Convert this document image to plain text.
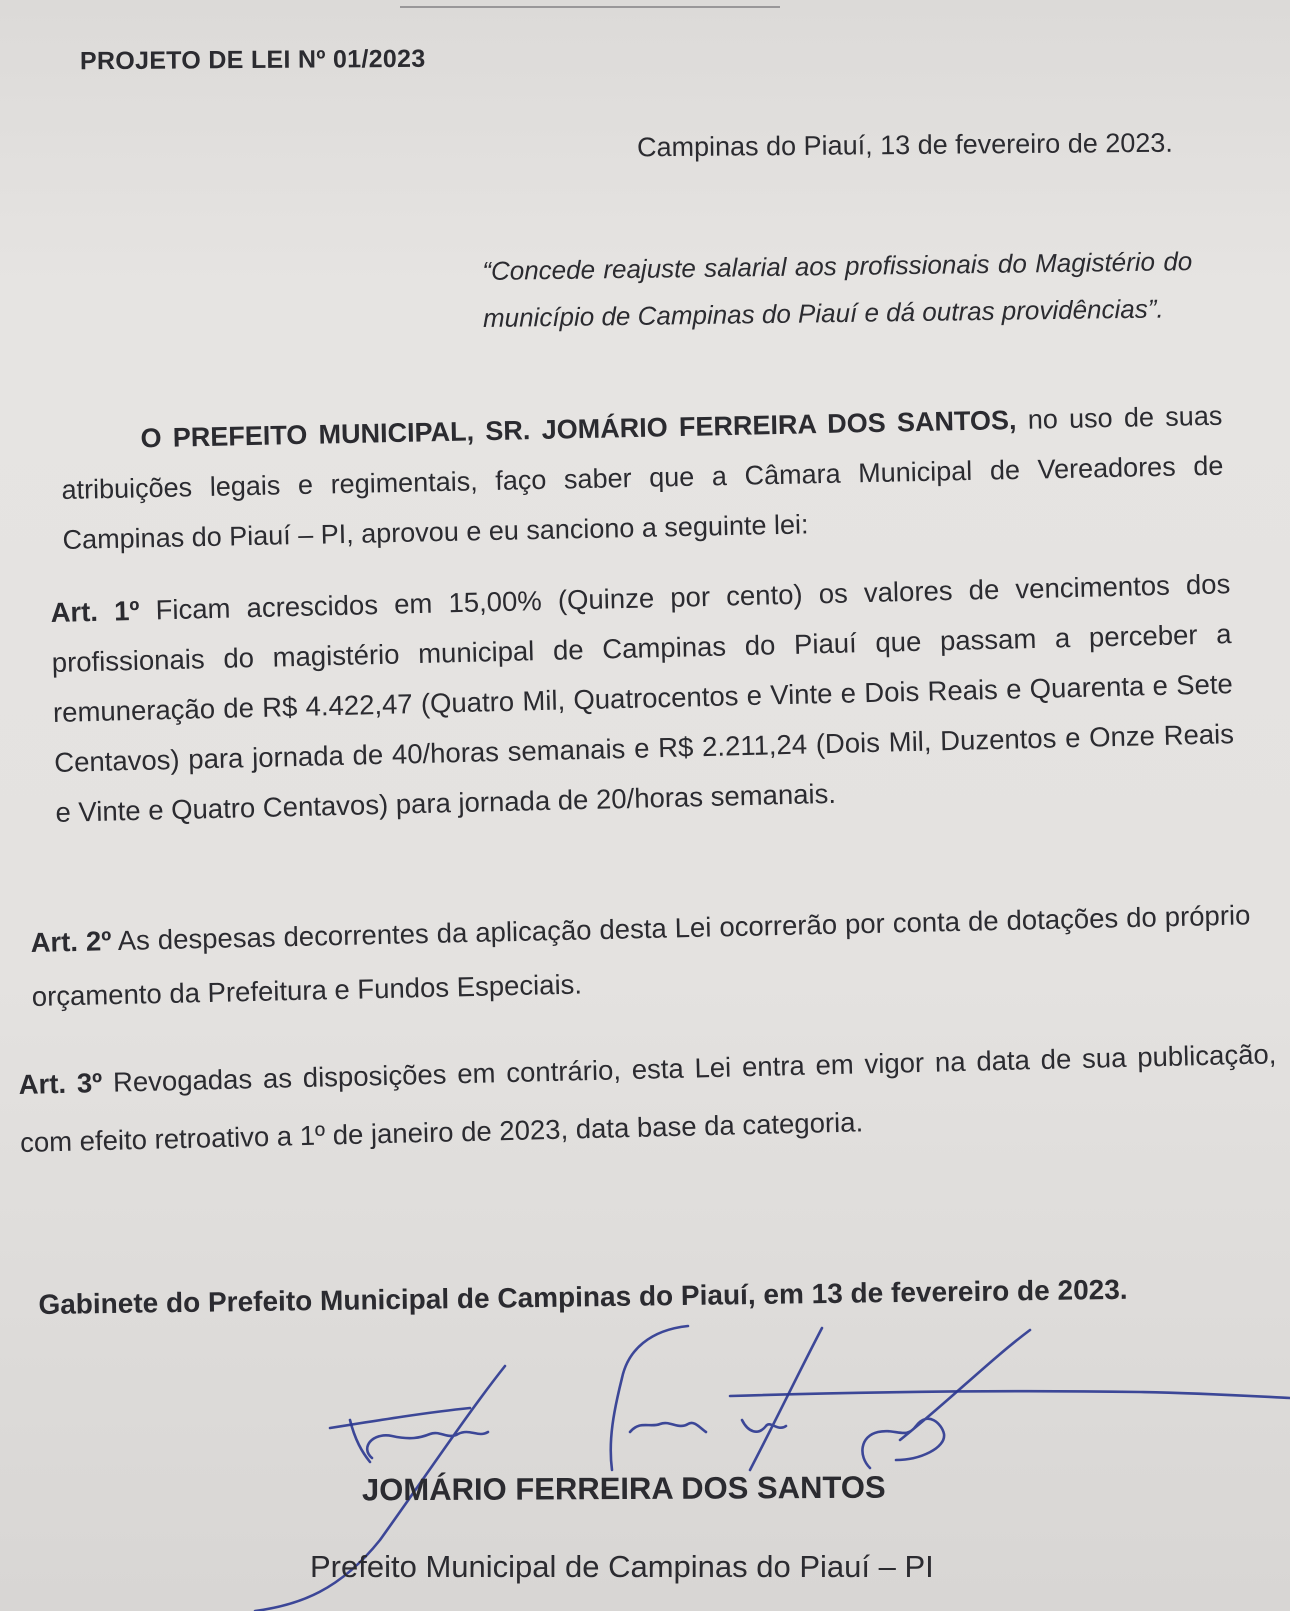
PROJETO DE LEI Nº 01/2023

Campinas do Piauí, 13 de fevereiro de 2023.

“Concede reajuste salarial aos profissionais do Magistério do município de Campinas do Piauí e dá outras providências”.

O PREFEITO MUNICIPAL, SR. JOMÁRIO FERREIRA DOS SANTOS, no uso de suas atribuições legais e regimentais, faço saber que a Câmara Municipal de Vereadores de Campinas do Piauí – PI, aprovou e eu sanciono a seguinte lei:

Art. 1º Ficam acrescidos em 15,00% (Quinze por cento) os valores de vencimentos dos profissionais do magistério municipal de Campinas do Piauí que passam a perceber a remuneração de R$ 4.422,47 (Quatro Mil, Quatrocentos e Vinte e Dois Reais e Quarenta e Sete Centavos) para jornada de 40/horas semanais e R$ 2.211,24 (Dois Mil, Duzentos e Onze Reais e Vinte e Quatro Centavos) para jornada de 20/horas semanais.

Art. 2º As despesas decorrentes da aplicação desta Lei ocorrerão por conta de dotações do próprio orçamento da Prefeitura e Fundos Especiais.

Art. 3º Revogadas as disposições em contrário, esta Lei entra em vigor na data de sua publicação, com efeito retroativo a 1º de janeiro de 2023, data base da categoria.

Gabinete do Prefeito Municipal de Campinas do Piauí, em 13 de fevereiro de 2023.

JOMÁRIO FERREIRA DOS SANTOS

Prefeito Municipal de Campinas do Piauí – PI
